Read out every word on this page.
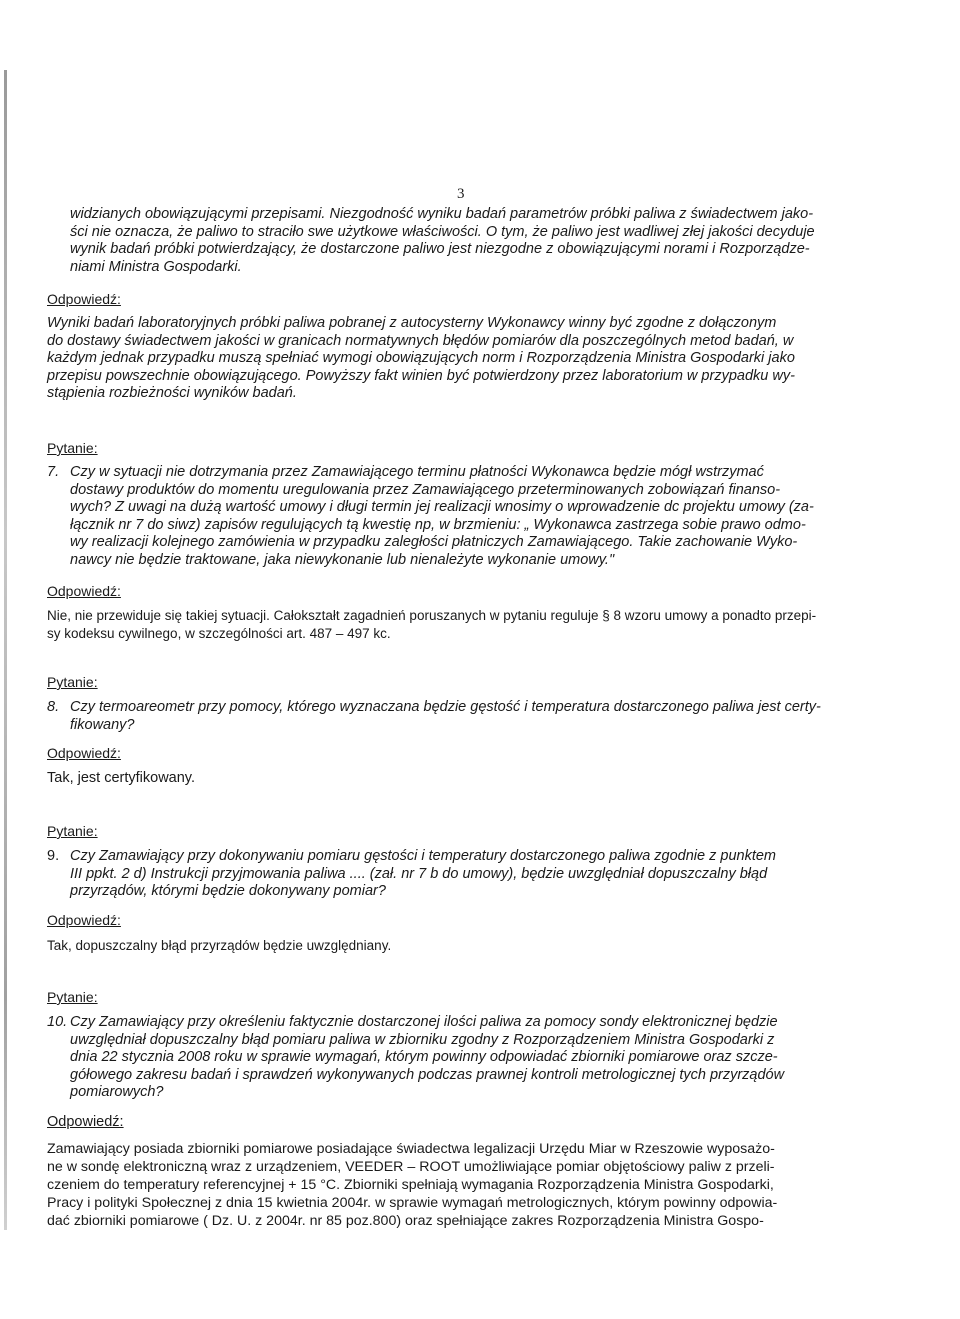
3

widzianych obowiązującymi przepisami. Niezgodność wyniku badań parametrów próbki paliwa z świadectwem jako-
ści nie oznacza, że paliwo to straciło swe użytkowe właściwości. O tym, że paliwo jest wadliwej złej jakości decyduje
wynik badań próbki potwierdzający, że dostarczone paliwo jest niezgodne z obowiązującymi norami i Rozporządze-
niami Ministra Gospodarki.

Odpowiedź:

Wyniki badań laboratoryjnych próbki paliwa pobranej z autocysterny Wykonawcy winny być zgodne z dołączonym
do dostawy świadectwem jakości w granicach normatywnych błędów pomiarów dla poszczególnych metod badań, w
każdym jednak przypadku muszą spełniać wymogi obowiązujących norm i Rozporządzenia Ministra Gospodarki jako
przepisu powszechnie obowiązującego. Powyższy fakt winien być potwierdzony przez laboratorium w przypadku wy-
stąpienia rozbieżności wyników badań.

Pytanie:

7. Czy w sytuacji nie dotrzymania przez Zamawiającego terminu płatności Wykonawca będzie mógł wstrzymać
dostawy produktów do momentu uregulowania przez Zamawiającego przeterminowanych zobowiązań finanso-
wych? Z uwagi na dużą wartość umowy i długi termin jej realizacji wnosimy o wprowadzenie dc projektu umowy (za-
łącznik nr 7 do siwz) zapisów regulujących tą kwestię np, w brzmieniu: „ Wykonawca zastrzega sobie prawo odmo-
wy realizacji kolejnego zamówienia w przypadku zaległości płatniczych Zamawiającego. Takie zachowanie Wyko-
nawcy nie będzie traktowane, jaka niewykonanie lub nienależyte wykonanie umowy."

Odpowiedź:

Nie, nie przewiduje się takiej sytuacji. Całokształt zagadnień poruszanych w pytaniu reguluje § 8 wzoru umowy a ponadto przepi-
sy kodeksu cywilnego, w szczególności art. 487 – 497 kc.

Pytanie:

8. Czy termoareometr przy pomocy, którego wyznaczana będzie gęstość i temperatura dostarczonego paliwa jest certy-
fikowany?

Odpowiedź:

Tak, jest certyfikowany.

Pytanie:

9. Czy Zamawiający przy dokonywaniu pomiaru gęstości i temperatury dostarczonego paliwa zgodnie z punktem
III ppkt. 2 d) Instrukcji przyjmowania paliwa .... (zał. nr 7 b do umowy), będzie uwzględniał dopuszczalny błąd
przyrządów, którymi będzie dokonywany pomiar?

Odpowiedź:

Tak, dopuszczalny błąd przyrządów będzie uwzględniany.

Pytanie:

10. Czy Zamawiający przy określeniu faktycznie dostarczonej ilości paliwa za pomocy sondy elektronicznej będzie
uwzględniał dopuszczalny błąd pomiaru paliwa w zbiorniku zgodny z Rozporządzeniem Ministra Gospodarki z
dnia 22 stycznia 2008 roku w sprawie wymagań, którym powinny odpowiadać zbiorniki pomiarowe oraz szcze-
gółowego zakresu badań i sprawdzeń wykonywanych podczas prawnej kontroli metrologicznej tych przyrządów
pomiarowych?

Odpowiedź:

Zamawiający posiada zbiorniki pomiarowe posiadające świadectwa legalizacji Urzędu Miar w Rzeszowie wyposażo-
ne w sondę elektroniczną wraz z urządzeniem, VEEDER – ROOT umożliwiające pomiar objętościowy paliw z przeli-
czeniem do temperatury referencyjnej + 15 °C. Zbiorniki spełniają wymagania Rozporządzenia Ministra Gospodarki,
Pracy i polityki Społecznej z dnia 15 kwietnia 2004r. w sprawie wymagań metrologicznych, którym powinny odpowia-
dać zbiorniki pomiarowe ( Dz. U. z 2004r. nr 85 poz.800) oraz spełniające zakres Rozporządzenia Ministra Gospo-
